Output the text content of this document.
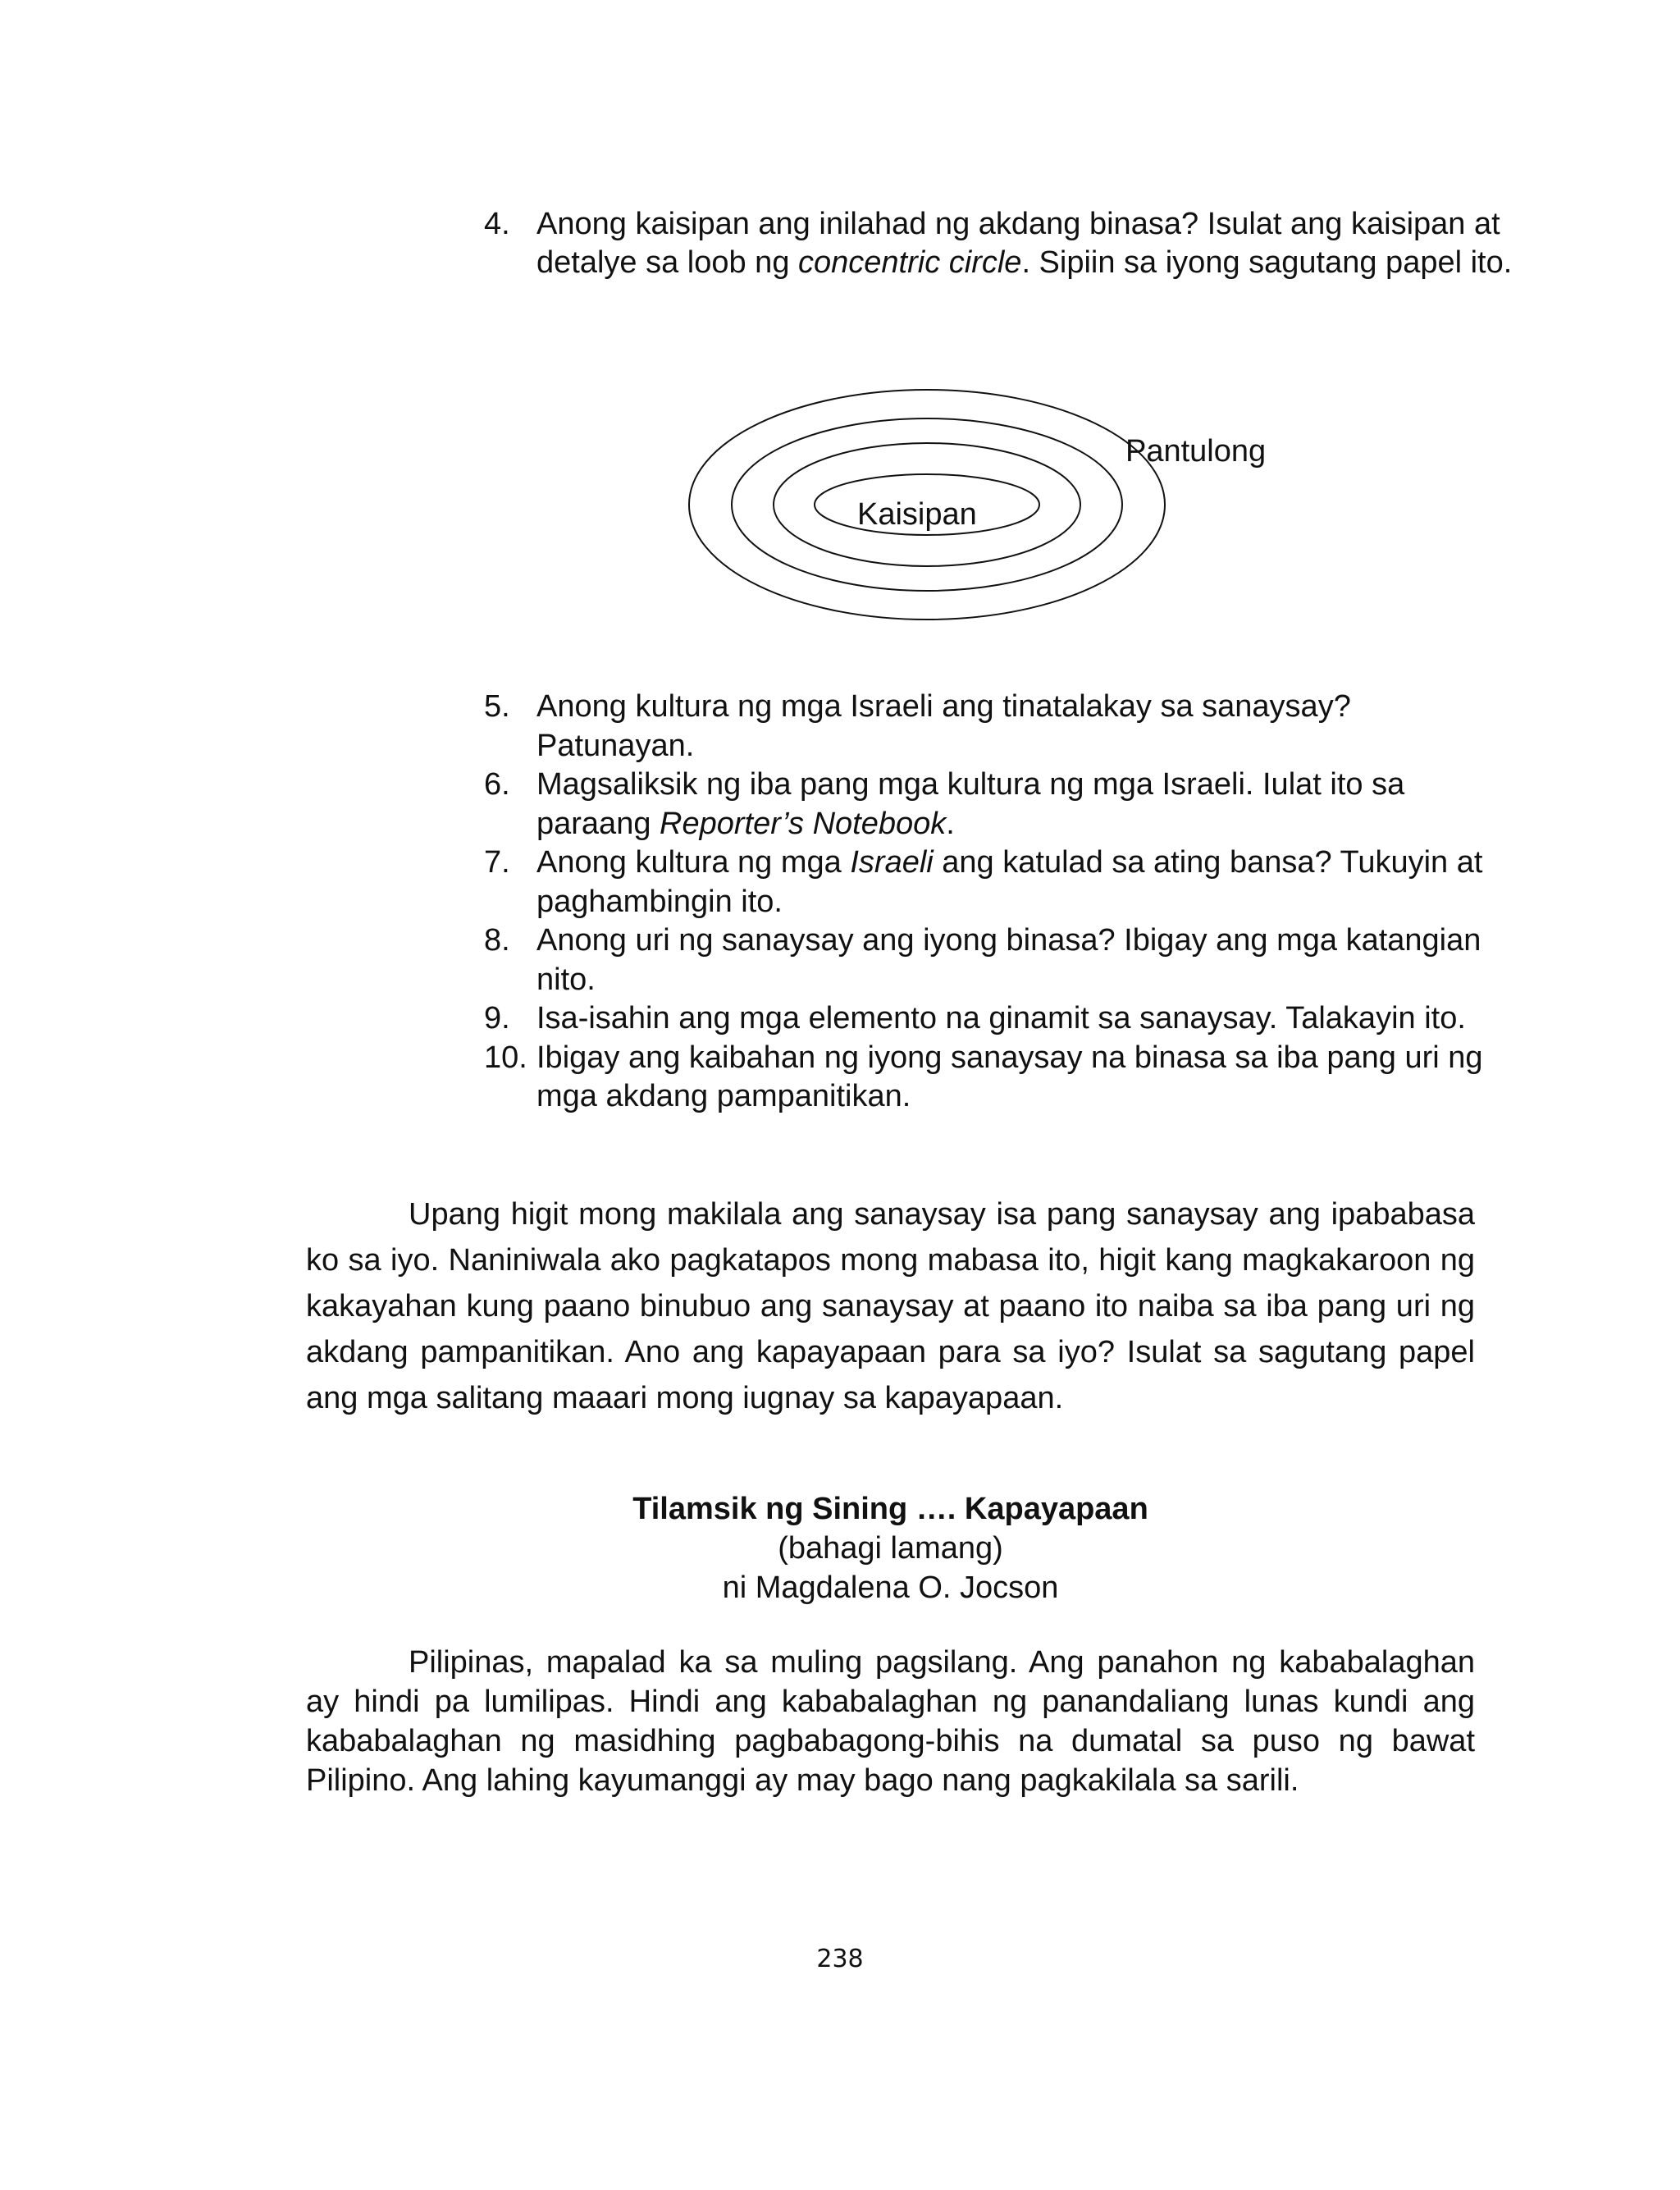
4. Anong kaisipan ang inilahad ng akdang binasa? Isulat ang kaisipan at detalye sa loob ng concentric circle. Sipiin sa iyong sagutang papel ito.
Pantulong
Kaisipan
5. Anong kultura ng mga Israeli ang tinatalakay sa sanaysay? Patunayan.
6. Magsaliksik ng iba pang mga kultura ng mga Israeli. Iulat ito sa paraang Reporter’s Notebook.
7. Anong kultura ng mga Israeli ang katulad sa ating bansa? Tukuyin at paghambingin ito.
8. Anong uri ng sanaysay ang iyong binasa? Ibigay ang mga katangian nito.
9. Isa-isahin ang mga elemento na ginamit sa sanaysay. Talakayin ito.
10. Ibigay ang kaibahan ng iyong sanaysay na binasa sa iba pang uri ng mga akdang pampanitikan.

Upang higit mong makilala ang sanaysay isa pang sanaysay ang ipababasa ko sa iyo. Naniniwala ako pagkatapos mong mabasa ito, higit kang magkakaroon ng kakayahan kung paano binubuo ang sanaysay at paano ito naiba sa iba pang uri ng akdang pampanitikan. Ano ang kapayapaan para sa iyo? Isulat sa sagutang papel ang mga salitang maaari mong iugnay sa kapayapaan.

Tilamsik ng Sining …. Kapayapaan
(bahagi lamang)
ni Magdalena O. Jocson

Pilipinas, mapalad ka sa muling pagsilang. Ang panahon ng kababalaghan ay hindi pa lumilipas. Hindi ang kababalaghan ng panandaliang lunas kundi ang kababalaghan ng masidhing pagbabagong-bihis na dumatal sa puso ng bawat Pilipino. Ang lahing kayumanggi ay may bago nang pagkakilala sa sarili.

238
